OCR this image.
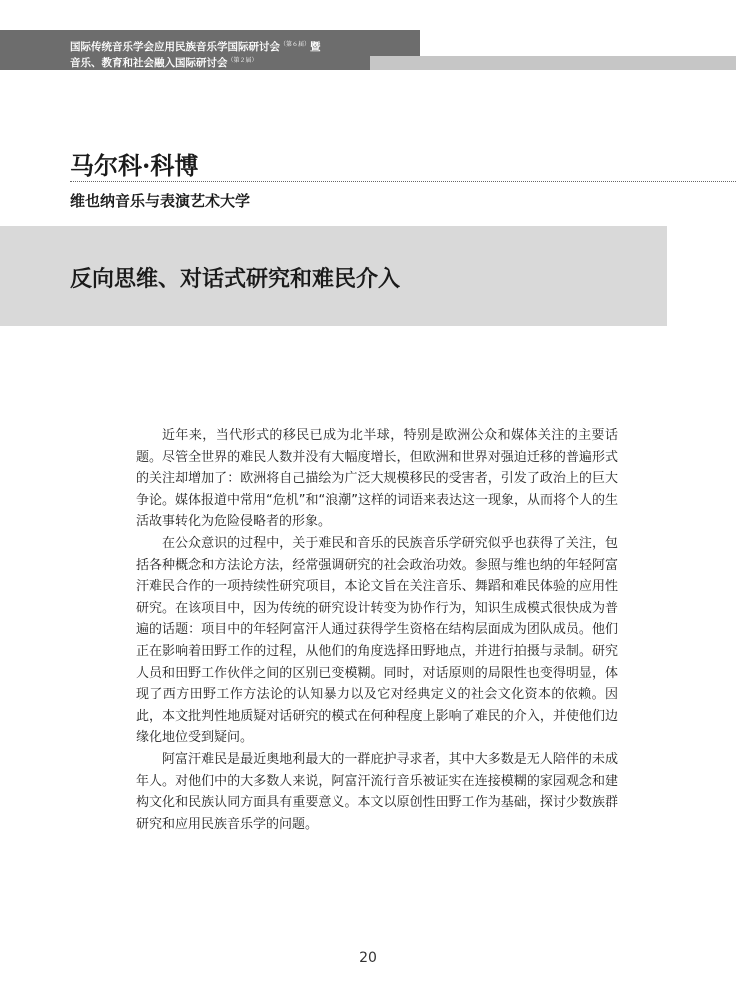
国际传统音乐学会应用民族音乐学国际研讨会$^{(第6届)}$暨
音乐、教育和社会融入国际研讨会$^{(第2届)}$
马尔科·科博
维也纳音乐与表演艺术大学
反向思维、对话式研究和难民介入

近年来，当代形式的移民已成为北半球，特别是欧洲公众和媒体关注的主要话题。尽管全世界的难民人数并没有大幅度增长，但欧洲和世界对强迫迁移的普遍形式的关注却增加了：欧洲将自己描绘为广泛大规模移民的受害者，引发了政治上的巨大争论。媒体报道中常用“危机”和“浪潮”这样的词语来表达这一现象，从而将个人的生活故事转化为危险侵略者的形象。

在公众意识的过程中，关于难民和音乐的民族音乐学研究似乎也获得了关注，包括各种概念和方法论方法，经常强调研究的社会政治功效。参照与维也纳的年轻阿富汗难民合作的一项持续性研究项目，本论文旨在关注音乐、舞蹈和难民体验的应用性研究。在该项目中，因为传统的研究设计转变为协作行为，知识生成模式很快成为普遍的话题：项目中的年轻阿富汗人通过获得学生资格在结构层面成为团队成员。他们正在影响着田野工作的过程，从他们的角度选择田野地点，并进行拍摄与录制。研究人员和田野工作伙伴之间的区别已变模糊。同时，对话原则的局限性也变得明显，体现了西方田野工作方法论的认知暴力以及它对经典定义的社会文化资本的依赖。因此，本文批判性地质疑对话研究的模式在何种程度上影响了难民的介入，并使他们边缘化地位受到疑问。

阿富汗难民是最近奥地利最大的一群庇护寻求者，其中大多数是无人陪伴的未成年人。对他们中的大多数人来说，阿富汗流行音乐被证实在连接模糊的家园观念和建构文化和民族认同方面具有重要意义。本文以原创性田野工作为基础，探讨少数族群研究和应用民族音乐学的问题。

20
